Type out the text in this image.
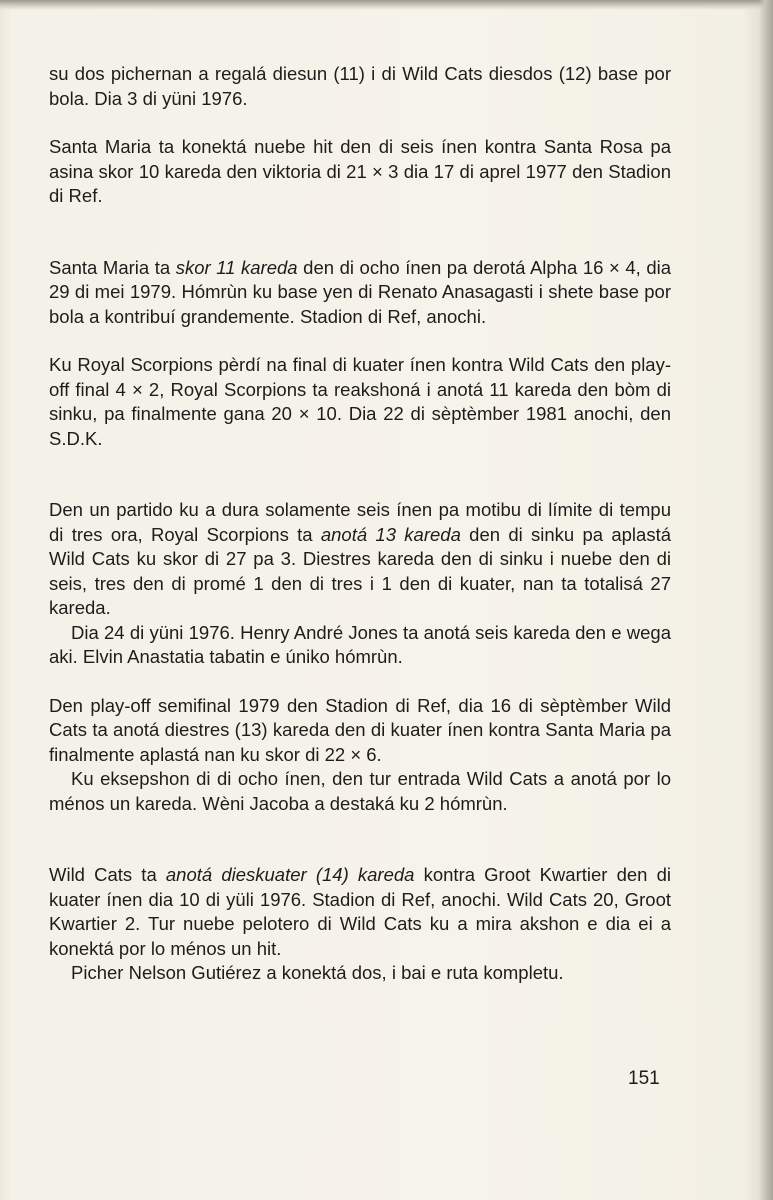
su dos pichernan a regalá diesun (11) i di Wild Cats diesdos (12) base por bola. Dia 3 di yüni 1976.

Santa Maria ta konektá nuebe hit den di seis ínen kontra Santa Rosa pa asina skor 10 kareda den viktoria di 21 × 3 dia 17 di aprel 1977 den Stadion di Ref.

Santa Maria ta skor 11 kareda den di ocho ínen pa derotá Alpha 16 × 4, dia 29 di mei 1979. Hómrùn ku base yen di Renato Anasagasti i shete base por bola a kontribuí grandemente. Stadion di Ref, anochi.

Ku Royal Scorpions pèrdí na final di kuater ínen kontra Wild Cats den play-off final 4 × 2, Royal Scorpions ta reakshoná i anotá 11 kareda den bòm di sinku, pa finalmente gana 20 × 10. Dia 22 di sèptèmber 1981 anochi, den S.D.K.

Den un partido ku a dura solamente seis ínen pa motibu di límite di tempu di tres ora, Royal Scorpions ta anotá 13 kareda den di sinku pa aplastá Wild Cats ku skor di 27 pa 3. Diestres kareda den di sinku i nuebe den di seis, tres den di promé 1 den di tres i 1 den di kuater, nan ta totalisá 27 kareda.

Dia 24 di yüni 1976. Henry André Jones ta anotá seis kareda den e wega aki. Elvin Anastatia tabatin e úniko hómrùn.

Den play-off semifinal 1979 den Stadion di Ref, dia 16 di sèptèmber Wild Cats ta anotá diestres (13) kareda den di kuater ínen kontra Santa Maria pa finalmente aplastá nan ku skor di 22 × 6.

Ku eksepshon di di ocho ínen, den tur entrada Wild Cats a anotá por lo ménos un kareda. Wèni Jacoba a destaká ku 2 hómrùn.

Wild Cats ta anotá dieskuater (14) kareda kontra Groot Kwartier den di kuater ínen dia 10 di yüli 1976. Stadion di Ref, anochi. Wild Cats 20, Groot Kwartier 2. Tur nuebe pelotero di Wild Cats ku a mira akshon e dia ei a konektá por lo ménos un hit.

Picher Nelson Gutiérez a konektá dos, i bai e ruta kompletu.

151
